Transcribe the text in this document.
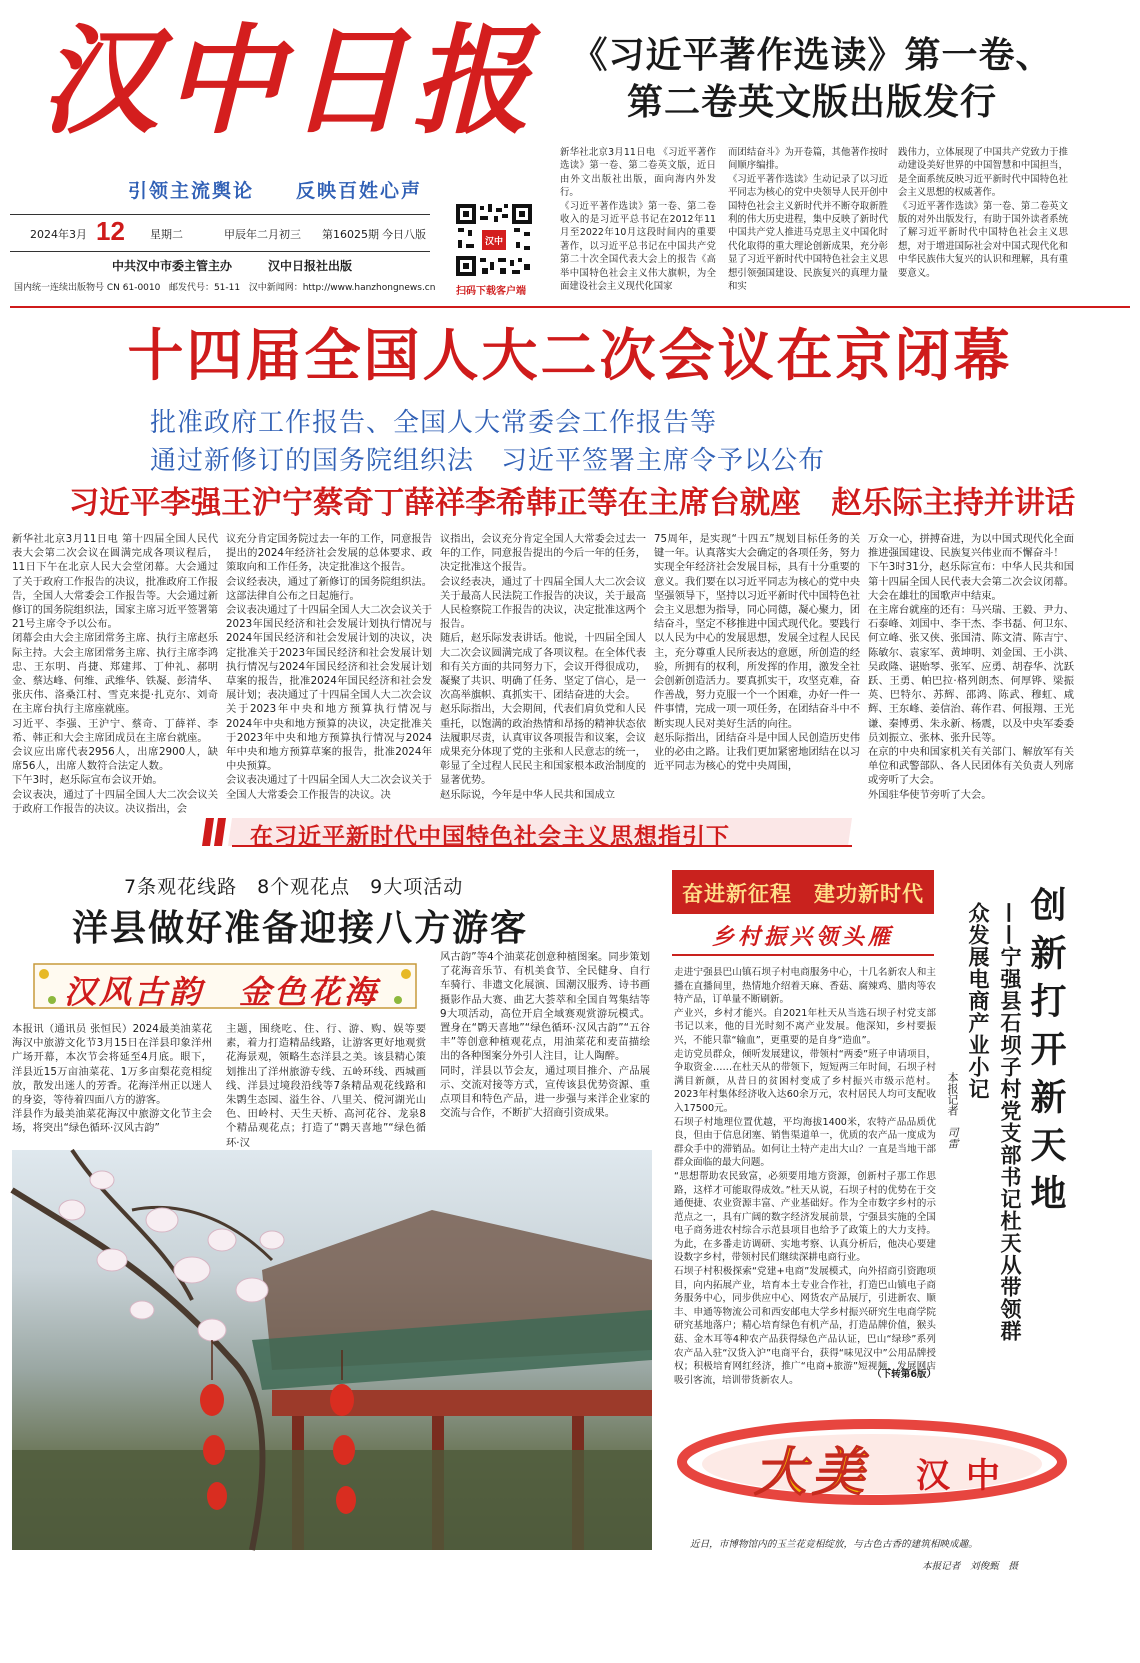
汉中日报
引领主流舆论 反映百姓心声
2024年3月 12 星期二	甲辰年二月初三 第16025期 今日八版
中共汉中市委主管主办	汉中日报社出版
国内统一连续出版物号 CN 61-0010 邮发代号：51-11 汉中新闻网：http://www.hanzhongnews.cn
汉中
扫码下载客户端
《习近平著作选读》第一卷、
第二卷英文版出版发行
新华社北京3月11日电 《习近平著作选读》第一卷、第二卷英文版，近日由外文出版社出版，面向海内外发行。
《习近平著作选读》第一卷、第二卷收入的是习近平总书记在2012年11月至2022年10月这段时间内的重要著作，以习近平总书记在中国共产党第二十次全国代表大会上的报告《高举中国特色社会主义伟大旗帜，为全面建设社会主义现代化国家
而团结奋斗》为开卷篇，其他著作按时间顺序编排。
《习近平著作选读》生动记录了以习近平同志为核心的党中央领导人民开创中国特色社会主义新时代并不断夺取新胜利的伟大历史进程，集中反映了新时代中国共产党人推进马克思主义中国化时代化取得的重大理论创新成果，充分彰显了习近平新时代中国特色社会主义思想引领强国建设、民族复兴的真理力量和实
践伟力，立体展现了中国共产党致力于推动建设美好世界的中国智慧和中国担当，是全面系统反映习近平新时代中国特色社会主义思想的权威著作。
《习近平著作选读》第一卷、第二卷英文版的对外出版发行，有助于国外读者系统了解习近平新时代中国特色社会主义思想，对于增进国际社会对中国式现代化和中华民族伟大复兴的认识和理解，具有重要意义。
十四届全国人大二次会议在京闭幕
批准政府工作报告、全国人大常委会工作报告等
通过新修订的国务院组织法　习近平签署主席令予以公布
习近平李强王沪宁蔡奇丁薛祥李希韩正等在主席台就座　赵乐际主持并讲话
新华社北京3月11日电 第十四届全国人民代表大会第二次会议在圆满完成各项议程后，11日下午在北京人民大会堂闭幕。大会通过了关于政府工作报告的决议，批准政府工作报告，全国人大常委会工作报告等。大会通过新修订的国务院组织法，国家主席习近平签署第21号主席令予以公布。
闭幕会由大会主席团常务主席、执行主席赵乐际主持。大会主席团常务主席、执行主席李鸿忠、王东明、肖捷、郑建邦、丁仲礼、郝明金、蔡达峰、何维、武维华、铁凝、彭清华、张庆伟、洛桑江村、雪克来提·扎克尔、刘奇在主席台执行主席座就座。
习近平、李强、王沪宁、蔡奇、丁薛祥、李希、韩正和大会主席团成员在主席台就座。
会议应出席代表2956人，出席2900人，缺席56人，出席人数符合法定人数。
下午3时，赵乐际宣布会议开始。
会议表决，通过了十四届全国人大二次会议关于政府工作报告的决议。决议指出，会
议充分肯定国务院过去一年的工作，同意报告提出的2024年经济社会发展的总体要求、政策取向和工作任务，决定批准这个报告。
会议经表决，通过了新修订的国务院组织法。这部法律自公布之日起施行。
会议表决通过了十四届全国人大二次会议关于2023年国民经济和社会发展计划执行情况与2024年国民经济和社会发展计划的决议，决定批准关于2023年国民经济和社会发展计划执行情况与2024年国民经济和社会发展计划草案的报告，批准2024年国民经济和社会发展计划；表决通过了十四届全国人大二次会议关于2023年中央和地方预算执行情况与2024年中央和地方预算的决议，决定批准关于2023年中央和地方预算执行情况与2024年中央和地方预算草案的报告，批准2024年中央预算。
会议表决通过了十四届全国人大二次会议关于全国人大常委会工作报告的决议。决
议指出，会议充分肯定全国人大常委会过去一年的工作，同意报告提出的今后一年的任务，决定批准这个报告。
会议经表决，通过了十四届全国人大二次会议关于最高人民法院工作报告的决议，关于最高人民检察院工作报告的决议，决定批准这两个报告。
随后，赵乐际发表讲话。他说，十四届全国人大二次会议圆满完成了各项议程。在全体代表和有关方面的共同努力下，会议开得很成功，凝聚了共识、明确了任务、坚定了信心，是一次高举旗帜、真抓实干、团结奋进的大会。
赵乐际指出，大会期间，代表们肩负党和人民重托，以饱满的政治热情和昂扬的精神状态依法履职尽责，认真审议各项报告和议案，会议成果充分体现了党的主张和人民意志的统一，彰显了全过程人民民主和国家根本政治制度的显著优势。
赵乐际说，今年是中华人民共和国成立
75周年，是实现“十四五”规划目标任务的关键一年。认真落实大会确定的各项任务，努力实现全年经济社会发展目标，具有十分重要的意义。我们要在以习近平同志为核心的党中央坚强领导下，坚持以习近平新时代中国特色社会主义思想为指导，同心同德，凝心聚力，团结奋斗，坚定不移推进中国式现代化。要践行以人民为中心的发展思想，发展全过程人民民主，充分尊重人民所表达的意愿，所创造的经验，所拥有的权利，所发挥的作用，激发全社会创新创造活力。要真抓实干，攻坚克难，奋作善战，努力克服一个一个困难，办好一件一件事情，完成一项一项任务，在团结奋斗中不断实现人民对美好生活的向往。
赵乐际指出，团结奋斗是中国人民创造历史伟业的必由之路。让我们更加紧密地团结在以习近平同志为核心的党中央周围，
万众一心，拼搏奋进，为以中国式现代化全面推进强国建设、民族复兴伟业而不懈奋斗！
下午3时31分，赵乐际宣布：中华人民共和国第十四届全国人民代表大会第二次会议闭幕。大会在雄壮的国歌声中结束。
在主席台就座的还有：马兴瑞、王毅、尹力、石泰峰、刘国中、李干杰、李书磊、何卫东、何立峰、张又侠、张国清、陈文清、陈吉宁、陈敏尔、袁家军、黄坤明、刘金国、王小洪、吴政隆、谌贻琴、张军、应勇、胡春华、沈跃跃、王勇、帕巴拉·格列朗杰、何厚铧、梁振英、巴特尔、苏辉、邵鸿、陈武、穆虹、咸辉、王东峰、姜信治、蒋作君、何报翔、王光谦、秦博勇、朱永新、杨震，以及中央军委委员刘振立、张林、张升民等。
在京的中央和国家机关有关部门、解放军有关单位和武警部队、各人民团体有关负责人列席或旁听了大会。
外国驻华使节旁听了大会。
在习近平新时代中国特色社会主义思想指引下
7条观花线路　8个观花点　9大项活动
洋县做好准备迎接八方游客
汉风古韵　金色花海
本报讯（通讯员 张恒民）2024最美油菜花海汉中旅游文化节3月15日在洋县印象洋州广场开幕，本次节会将延至4月底。眼下，洋县近15万亩油菜花、1万多亩梨花竞相绽放，散发出迷人的芳香。花海洋州正以迷人的身姿，等待着四面八方的游客。
洋县作为最美油菜花海汉中旅游文化节主会场，将突出“绿色循环·汉风古韵”
主题，围绕吃、住、行、游、购、娱等要素，着力打造精品线路，让游客更好地观赏花海景观，领略生态洋县之美。该县精心策划推出了洋州旅游专线、五岭环线、西城画线、洋县过境段沿线等7条精品观花线路和朱鹮生态园、溢生谷、八里关、傥河湖光山色、田岭村、天生天桥、高河花谷、龙泉8个精品观花点；打造了“鹮天喜地”“绿色循环·汉
风古韵”等4个油菜花创意种植图案。同步策划了花海音乐节、有机美食节、全民健身、自行车骑行、非遗文化展演、国潮汉服秀、诗书画摄影作品大赛、曲艺大荟萃和全国自驾集结等9大项活动，高位开启全域赛观赏游玩模式。置身在“鹮天喜地”“绿色循环·汉风古韵”“五谷丰”等创意种植观花点，用油菜花和麦苗描绘出的各种图案分外引人注目，让人陶醉。
同时，洋县以节会友，通过项目推介、产品展示、交流对接等方式，宣传该县优势资源、重点项目和特色产品，进一步强与来洋企业家的交流与合作，不断扩大招商引资成果。
奋进新征程　建功新时代
乡村振兴领头雁	创新打开新天地
——宁强县石坝子村党支部书记杜天从带领群众发展电商产业小记
本报记者　司雷
走进宁强县巴山镇石坝子村电商服务中心，十几名新农人和主播在直播间里，热情地介绍着天麻、香菇、腐辣鸡、腊肉等农特产品，订单量不断刷新。
产业兴，乡村才能兴。自2021年杜天从当选石坝子村党支部书记以来，他的目光时刻不离产业发展。他深知，乡村要振兴，不能只靠“输血”，更重要的是自身“造血”。
走访党员群众，倾听发展建议，带领村“两委”班子申请项目，争取资金……在杜天从的带领下，短短两三年时间，石坝子村满目新颜，从昔日的贫困村变成了乡村振兴市级示范村。2023年村集体经济收入达60余万元，农村居民人均可支配收入17500元。
石坝子村地理位置优越，平均海拔1400米，农特产品品质优良，但由于信息闭塞、销售渠道单一，优质的农产品一度成为群众手中的滞销品。如何让土特产走出大山？一直是当地干部群众面临的最大问题。
“思想帮助农民致富，必须要用地方资源，创新村子那工作思路，这样才可能取得成效。”杜天从说，石坝子村的优势在于交通便捷、农业资源丰富、产业基础好。作为全市数字乡村的示范点之一，具有广阔的数字经济发展前景，宁强县实施的全国电子商务进农村综合示范县项目也给予了政策上的大力支持。为此，在多番走访调研、实地考察、认真分析后，他决心要建设数字乡村，带领村民们继续深耕电商行业。
石坝子村积极探索“党建+电商”发展模式，向外招商引资跑项目，向内拓展产业，培育本土专业合作社，打造巴山镇电子商务服务中心，同步供应中心、网货农产品展厅，引进新农、顺丰、申通等物流公司和西安邮电大学乡村振兴研究生电商学院研究基地落户；精心培育绿色有机产品，打造品牌价值，猴头菇、金木耳等4种农产品获得绿色产品认证，巴山“绿珍”系列农产品入驻“汉货入沪”电商平台，获得“味见汉中”公用品牌授权；积极培育网红经济，推广“电商+旅游”短视频，发展网店吸引客流，培训带货新农人。
（下转第6版）
大美 汉中
近日，市博物馆内的玉兰花竞相绽放，与古色古香的建筑相映成趣。
本报记者　 刘俊甄　摄
